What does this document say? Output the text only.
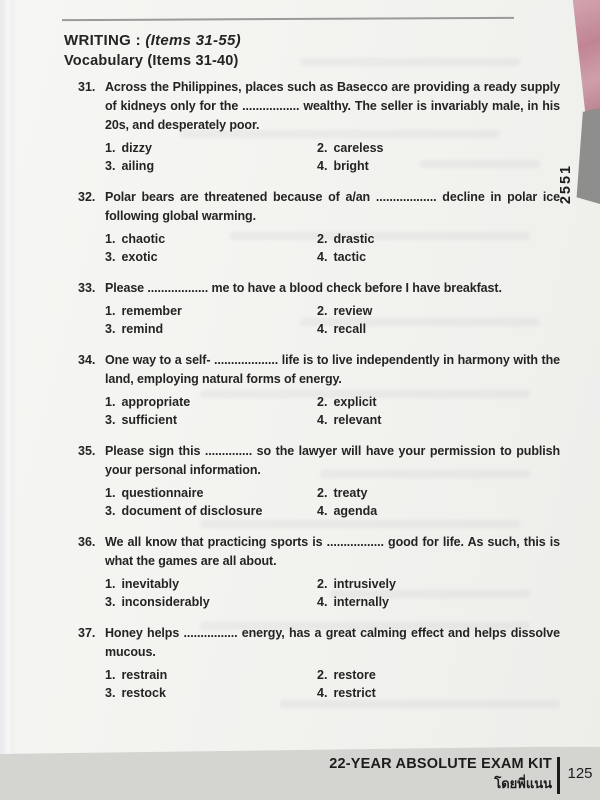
2551
WRITING : (Items 31-55)
Vocabulary (Items 31-40)
31. Across the Philippines, places such as Basecco are providing a ready supply of kidneys only for the ................. wealthy. The seller is invariably male, in his 20s, and desperately poor.
1. dizzy	2. careless
3. ailing	4. bright
32. Polar bears are threatened because of a/an .................. decline in polar ice following global warming.
1. chaotic	2. drastic
3. exotic	4. tactic
33. Please .................. me to have a blood check before I have breakfast.
1. remember	2. review
3. remind	4. recall
34. One way to a self- ................... life is to live independently in harmony with the land, employing natural forms of energy.
1. appropriate	2. explicit
3. sufficient	4. relevant
35. Please sign this .............. so the lawyer will have your permission to publish your personal information.
1. questionnaire	2. treaty
3. document of disclosure	4. agenda
36. We all know that practicing sports is ................. good for life. As such, this is what the games are all about.
1. inevitably	2. intrusively
3. inconsiderably	4. internally
37. Honey helps ................ energy, has a great calming effect and helps dissolve mucous.
1. restrain	2. restore
3. restock	4. restrict
22-YEAR ABSOLUTE EXAM KIT
โดยพี่แนน
125
